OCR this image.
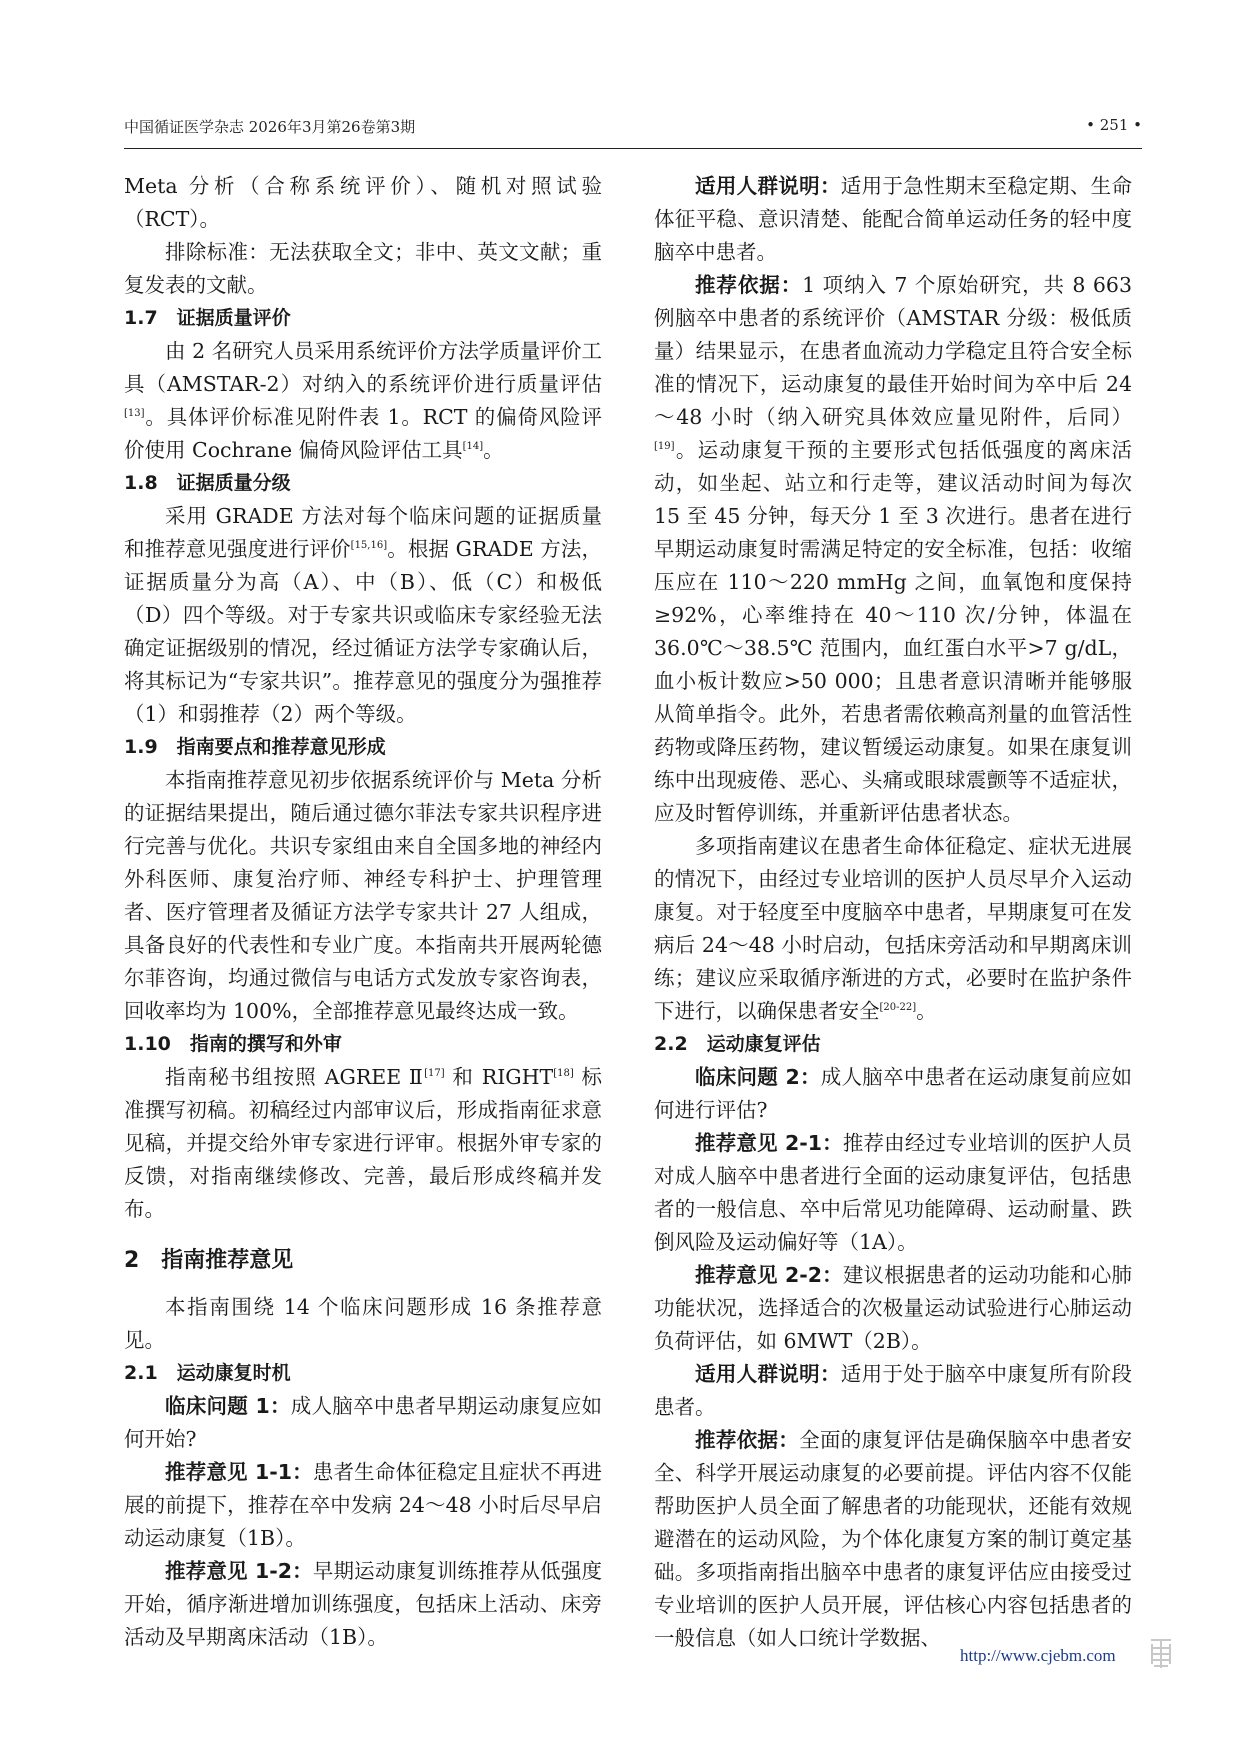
中国循证医学杂志 2026年3月第26卷第3期	• 251 •

Meta 分析（合称系统评价）、随机对照试验（RCT）。

排除标准：无法获取全文；非中、英文文献；重复发表的文献。

1.7　证据质量评价

由 2 名研究人员采用系统评价方法学质量评价工具（AMSTAR-2）对纳入的系统评价进行质量评估[13]。具体评价标准见附件表 1。RCT 的偏倚风险评价使用 Cochrane 偏倚风险评估工具[14]。

1.8　证据质量分级

采用 GRADE 方法对每个临床问题的证据质量和推荐意见强度进行评价[15,16]。根据 GRADE 方法，证据质量分为高（A）、中（B）、低（C）和极低（D）四个等级。对于专家共识或临床专家经验无法确定证据级别的情况，经过循证方法学专家确认后，将其标记为“专家共识”。推荐意见的强度分为强推荐（1）和弱推荐（2）两个等级。

1.9　指南要点和推荐意见形成

本指南推荐意见初步依据系统评价与 Meta 分析的证据结果提出，随后通过德尔菲法专家共识程序进行完善与优化。共识专家组由来自全国多地的神经内外科医师、康复治疗师、神经专科护士、护理管理者、医疗管理者及循证方法学专家共计 27 人组成，具备良好的代表性和专业广度。本指南共开展两轮德尔菲咨询，均通过微信与电话方式发放专家咨询表，回收率均为 100%，全部推荐意见最终达成一致。

1.10　指南的撰写和外审

指南秘书组按照 AGREE Ⅱ[17] 和 RIGHT[18] 标准撰写初稿。初稿经过内部审议后，形成指南征求意见稿，并提交给外审专家进行评审。根据外审专家的反馈，对指南继续修改、完善，最后形成终稿并发布。

2　指南推荐意见

本指南围绕 14 个临床问题形成 16 条推荐意见。

2.1　运动康复时机

临床问题 1：成人脑卒中患者早期运动康复应如何开始?

推荐意见 1-1：患者生命体征稳定且症状不再进展的前提下，推荐在卒中发病 24～48 小时后尽早启动运动康复（1B）。

推荐意见 1-2：早期运动康复训练推荐从低强度开始，循序渐进增加训练强度，包括床上活动、床旁活动及早期离床活动（1B）。

适用人群说明：适用于急性期末至稳定期、生命体征平稳、意识清楚、能配合简单运动任务的轻中度脑卒中患者。

推荐依据：1 项纳入 7 个原始研究，共 8 663 例脑卒中患者的系统评价（AMSTAR 分级：极低质量）结果显示，在患者血流动力学稳定且符合安全标准的情况下，运动康复的最佳开始时间为卒中后 24～48 小时（纳入研究具体效应量见附件，后同）[19]。运动康复干预的主要形式包括低强度的离床活动，如坐起、站立和行走等，建议活动时间为每次 15 至 45 分钟，每天分 1 至 3 次进行。患者在进行早期运动康复时需满足特定的安全标准，包括：收缩压应在 110～220 mmHg 之间，血氧饱和度保持≥92%，心率维持在 40～110 次/分钟，体温在 36.0℃～38.5℃ 范围内，血红蛋白水平>7 g/dL，血小板计数应>50 000；且患者意识清晰并能够服从简单指令。此外，若患者需依赖高剂量的血管活性药物或降压药物，建议暂缓运动康复。如果在康复训练中出现疲倦、恶心、头痛或眼球震颤等不适症状，应及时暂停训练，并重新评估患者状态。

多项指南建议在患者生命体征稳定、症状无进展的情况下，由经过专业培训的医护人员尽早介入运动康复。对于轻度至中度脑卒中患者，早期康复可在发病后 24～48 小时启动，包括床旁活动和早期离床训练；建议应采取循序渐进的方式，必要时在监护条件下进行，以确保患者安全[20-22]。

2.2　运动康复评估

临床问题 2：成人脑卒中患者在运动康复前应如何进行评估?

推荐意见 2-1：推荐由经过专业培训的医护人员对成人脑卒中患者进行全面的运动康复评估，包括患者的一般信息、卒中后常见功能障碍、运动耐量、跌倒风险及运动偏好等（1A）。

推荐意见 2-2：建议根据患者的运动功能和心肺功能状况，选择适合的次极量运动试验进行心肺运动负荷评估，如 6MWT（2B）。

适用人群说明：适用于处于脑卒中康复所有阶段患者。

推荐依据：全面的康复评估是确保脑卒中患者安全、科学开展运动康复的必要前提。评估内容不仅能帮助医护人员全面了解患者的功能现状，还能有效规避潜在的运动风险，为个体化康复方案的制订奠定基础。多项指南指出脑卒中患者的康复评估应由接受过专业培训的医护人员开展，评估核心内容包括患者的一般信息（如人口统计学数据、

http://www.cjebm.com
